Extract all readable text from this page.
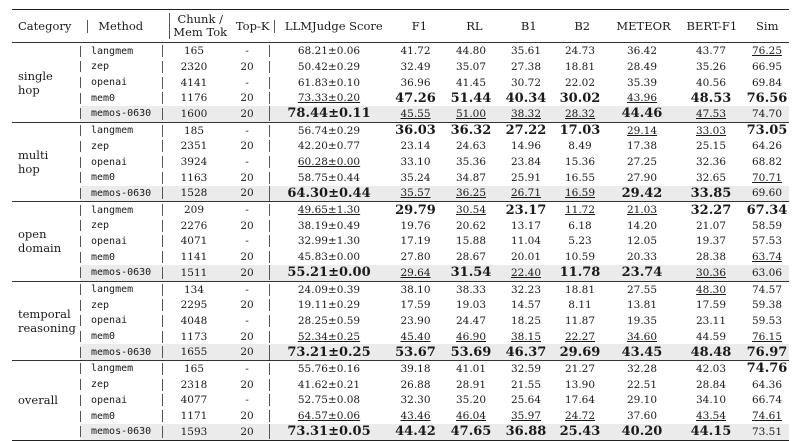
Category	Method	Chunk /
Mem Tok Top-K	LLMJudge Score	F1	RL	B1	B2	METEOR	BERT-F1	Sim
single
hop
langmem	165	-	68.21±0.06	41.72	44.80	35.61	24.73	36.42	43.77	76.25
zep	2320	20	50.42±0.29	32.49	35.07	27.38	18.81	28.49	35.26	66.95
openai	4141	-	61.83±0.10	36.96	41.45	30.72	22.02	35.39	40.56	69.84
mem0	1176	20	73.33±0.20	47.26	51.44	40.34	30.02	43.96	48.53	76.56
memos-0630	1600	20	78.44±0.11	45.55	51.00	38.32	28.32	44.46	47.53	74.70
multi
hop
langmem	185	-	56.74±0.29	36.03	36.32	27.22	17.03	29.14	33.03	73.05
zep	2351	20	42.20±0.77	23.14	24.63	14.96	8.49	17.38	25.15	64.26
openai	3924	-	60.28±0.00	33.10	35.36	23.84	15.36	27.25	32.36	68.82
mem0	1163	20	58.75±0.44	35.24	34.87	25.91	16.55	27.90	32.65	70.71
memos-0630	1528	20	64.30±0.44	35.57	36.25	26.71	16.59	29.42	33.85	69.60
open
domain
langmem	209	-	49.65±1.30	29.79	30.54	23.17	11.72	21.03	32.27	67.34
zep	2276	20	38.19±0.49	19.76	20.62	13.17	6.18	14.20	21.07	58.59
openai	4071	-	32.99±1.30	17.19	15.88	11.04	5.23	12.05	19.37	57.53
mem0	1141	20	45.83±0.00	27.80	28.67	20.01	10.59	20.33	28.38	63.74
memos-0630	1511	20	55.21±0.00	29.64	31.54	22.40	11.78	23.74	30.36	63.06
temporal
reasoning
langmem	134	-	24.09±0.39	38.10	38.33	32.23	18.81	27.55	48.30	74.57
zep	2295	20	19.11±0.29	17.59	19.03	14.57	8.11	13.81	17.59	59.38
openai	4048	-	28.25±0.59	23.90	24.47	18.25	11.87	19.35	23.11	59.53
mem0	1173	20	52.34±0.25	45.40	46.90	38.15	22.27	34.60	44.59	76.15
memos-0630	1655	20	73.21±0.25	53.67	53.69	46.37	29.69	43.45	48.48	76.97
overall
langmem	165	-	55.76±0.16	39.18	41.01	32.59	21.27	32.28	42.03	74.76
zep	2318	20	41.62±0.21	26.88	28.91	21.55	13.90	22.51	28.84	64.36
openai	4077	-	52.75±0.08	32.30	35.20	25.64	17.64	29.10	34.10	66.74
mem0	1171	20	64.57±0.06	43.46	46.04	35.97	24.72	37.60	43.54	74.61
memos-0630	1593	20	73.31±0.05	44.42	47.65	36.88	25.43	40.20	44.15	73.51
